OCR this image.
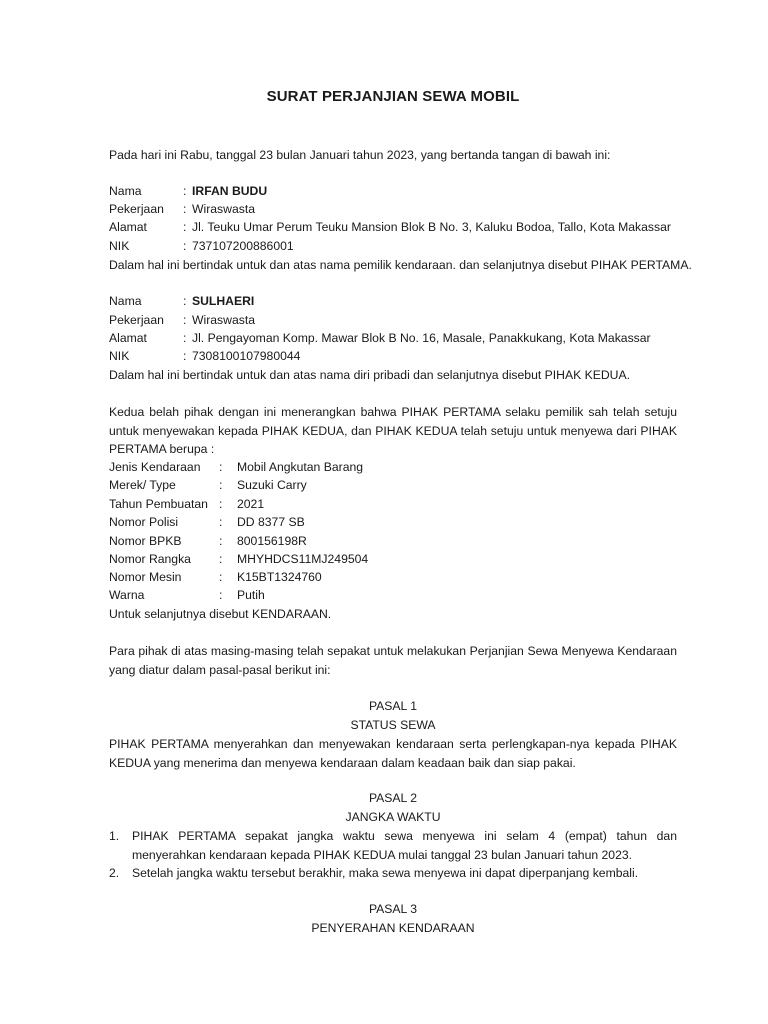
SURAT PERJANJIAN SEWA MOBIL
Pada hari ini Rabu, tanggal 23 bulan Januari tahun 2023, yang bertanda tangan di bawah ini:
Nama	: IRFAN BUDU
Pekerjaan : Wiraswasta
Alamat	: Jl. Teuku Umar Perum Teuku Mansion Blok B No. 3, Kaluku Bodoa, Tallo, Kota Makassar
NIK	: 737107200886001
Dalam hal ini bertindak untuk dan atas nama pemilik kendaraan. dan selanjutnya disebut PIHAK PERTAMA.
Nama	: SULHAERI
Pekerjaan : Wiraswasta
Alamat	: Jl. Pengayoman Komp. Mawar Blok B No. 16, Masale, Panakkukang, Kota Makassar
NIK	: 7308100107980044
Dalam hal ini bertindak untuk dan atas nama diri pribadi dan selanjutnya disebut PIHAK KEDUA.
Kedua belah pihak dengan ini menerangkan bahwa PIHAK PERTAMA selaku pemilik sah telah setuju untuk menyewakan kepada PIHAK KEDUA, dan PIHAK KEDUA telah setuju untuk menyewa dari PIHAK PERTAMA berupa :
Jenis Kendaraan : Mobil Angkutan Barang
Merek/ Type	: Suzuki Carry
Tahun Pembuatan : 2021
Nomor Polisi	: DD 8377 SB
Nomor BPKB	: 800156198R
Nomor Rangka : MHYHDCS11MJ249504
Nomor Mesin	: K15BT1324760
Warna	: Putih
Untuk selanjutnya disebut KENDARAAN.
Para pihak di atas masing-masing telah sepakat untuk melakukan Perjanjian Sewa Menyewa Kendaraan yang diatur dalam pasal-pasal berikut ini:
PASAL 1
STATUS SEWA
PIHAK PERTAMA menyerahkan dan menyewakan kendaraan serta perlengkapan-nya kepada PIHAK KEDUA yang menerima dan menyewa kendaraan dalam keadaan baik dan siap pakai.
PASAL 2
JANGKA WAKTU
1. PIHAK PERTAMA sepakat jangka waktu sewa menyewa ini selam 4 (empat) tahun dan menyerahkan kendaraan kepada PIHAK KEDUA mulai tanggal 23 bulan Januari tahun 2023.
2. Setelah jangka waktu tersebut berakhir, maka sewa menyewa ini dapat diperpanjang kembali.
PASAL 3
PENYERAHAN KENDARAAN
